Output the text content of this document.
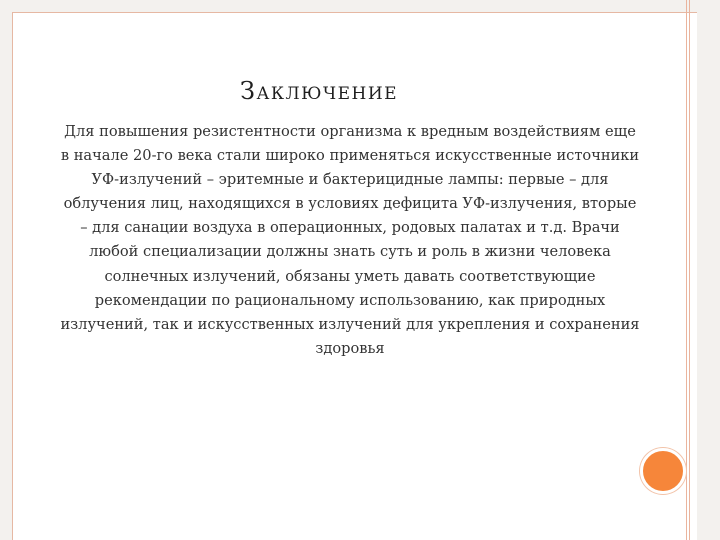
ЗАКЛЮЧЕНИЕ

Для повышения резистентности организма к вредным воздействиям еще в начале 20-го века стали широко применяться искусственные источники УФ-излучений – эритемные и бактерицидные лампы: первые – для облучения лиц, находящихся в условиях дефицита УФ-излучения, вторые – для санации воздуха в операционных, родовых палатах и т.д. Врачи любой специализации должны знать суть и роль в жизни человека солнечных излучений, обязаны уметь давать соответствующие рекомендации по рациональному использованию, как природных излучений, так и искусственных излучений для укрепления и сохранения здоровья
